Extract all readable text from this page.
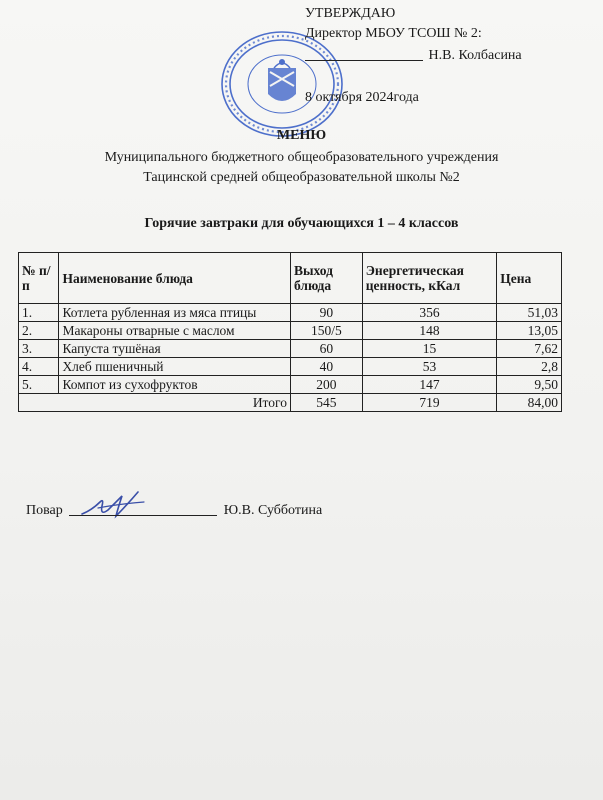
УТВЕРЖДАЮ
Директор МБОУ ТСОШ № 2:
Н.В. Колбасина
8 октября 2024года
МЕНЮ
Муниципального бюджетного общеобразовательного учреждения
Тацинской средней общеобразовательной школы №2
Горячие завтраки для обучающихся 1 – 4 классов
№ п/п	Наименование блюда	Выход блюда	Энергетическая ценность, кКал	Цена
1.	Котлета рубленная из мяса птицы	90	356	51,03
2.	Макароны отварные с маслом	150/5	148	13,05
3.	Капуста тушёная	60	15	7,62
4.	Хлеб пшеничный	40	53	2,8
5.	Компот из сухофруктов	200	147	9,50
Итого		545	719	84,00
Повар	Ю.В. Субботина
